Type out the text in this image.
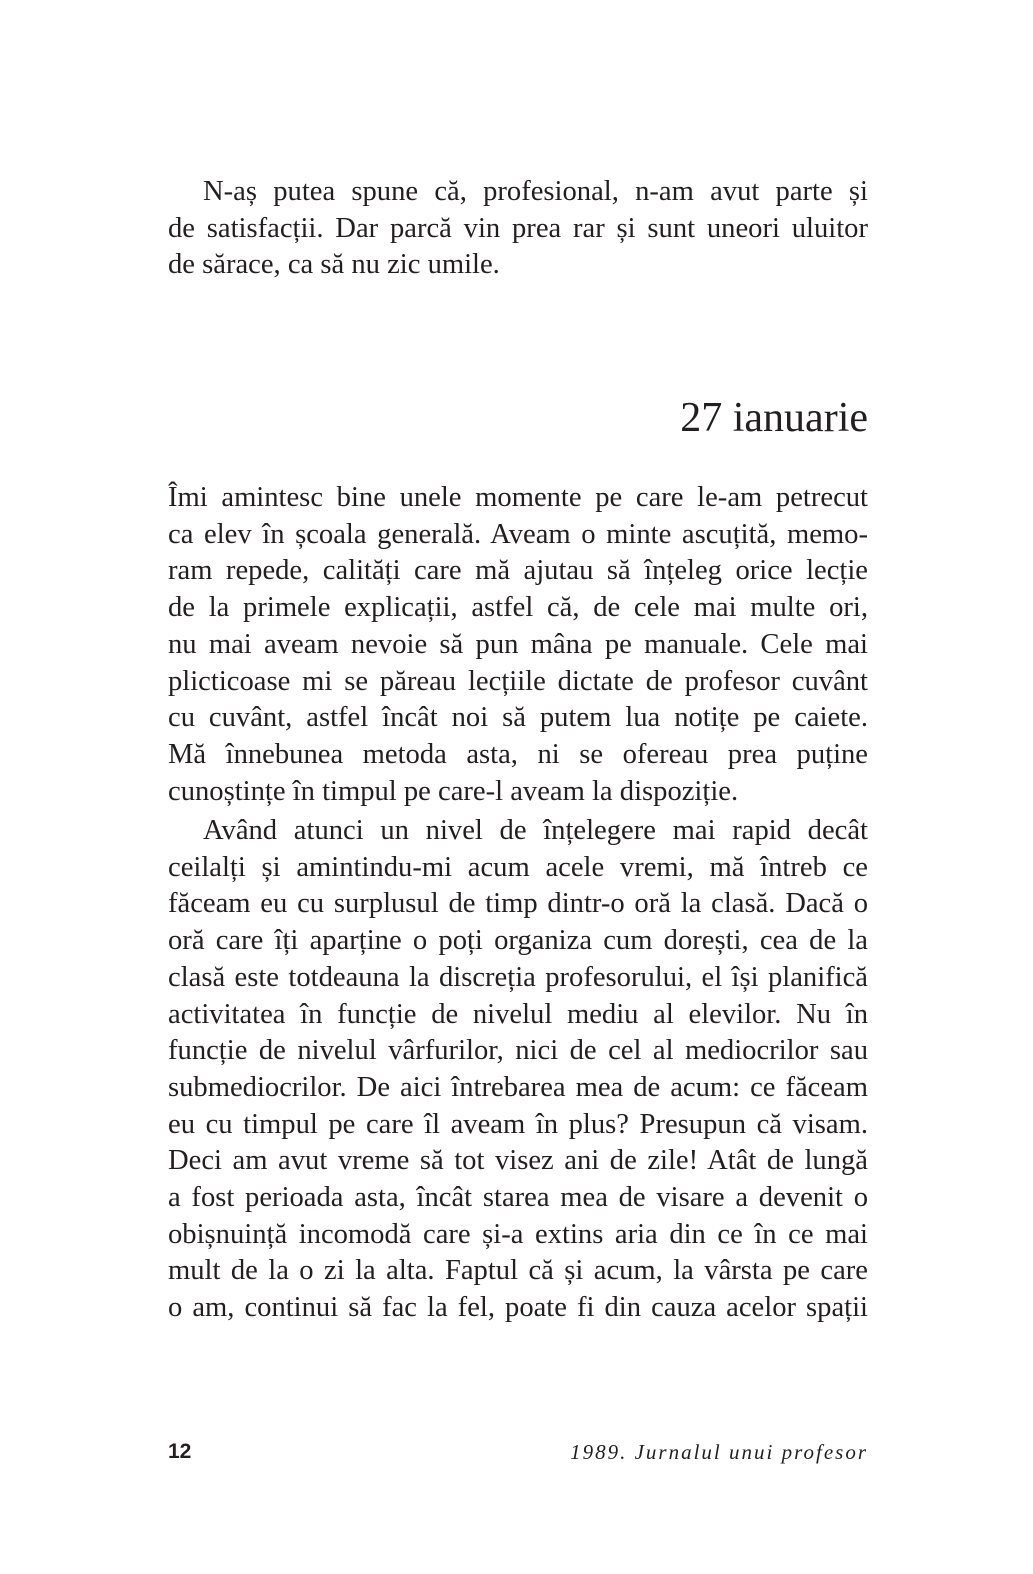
N-aș putea spune că, profesional, n-am avut parte și
de satisfacții. Dar parcă vin prea rar și sunt uneori uluitor
de sărace, ca să nu zic umile.
27 ianuarie
Îmi amintesc bine unele momente pe care le-am petrecut
ca elev în școala generală. Aveam o minte ascuțită, memo-
ram repede, calități care mă ajutau să înțeleg orice lecție
de la primele explicații, astfel că, de cele mai multe ori,
nu mai aveam nevoie să pun mâna pe manuale. Cele mai
plicticoase mi se păreau lecțiile dictate de profesor cuvânt
cu cuvânt, astfel încât noi să putem lua notițe pe caiete.
Mă înnebunea metoda asta, ni se ofereau prea puține
cunoștințe în timpul pe care-l aveam la dispoziție.
Având atunci un nivel de înțelegere mai rapid decât
ceilalți și amintindu-mi acum acele vremi, mă întreb ce
făceam eu cu surplusul de timp dintr-o oră la clasă. Dacă o
oră care îți aparține o poți organiza cum dorești, cea de la
clasă este totdeauna la discreția profesorului, el își planifică
activitatea în funcție de nivelul mediu al elevilor. Nu în
funcție de nivelul vârfurilor, nici de cel al mediocrilor sau
submediocrilor. De aici întrebarea mea de acum: ce făceam
eu cu timpul pe care îl aveam în plus? Presupun că visam.
Deci am avut vreme să tot visez ani de zile! Atât de lungă
a fost perioada asta, încât starea mea de visare a devenit o
obișnuință incomodă care și-a extins aria din ce în ce mai
mult de la o zi la alta. Faptul că și acum, la vârsta pe care
o am, continui să fac la fel, poate fi din cauza acelor spații
12	1989. Jurnalul unui profesor
